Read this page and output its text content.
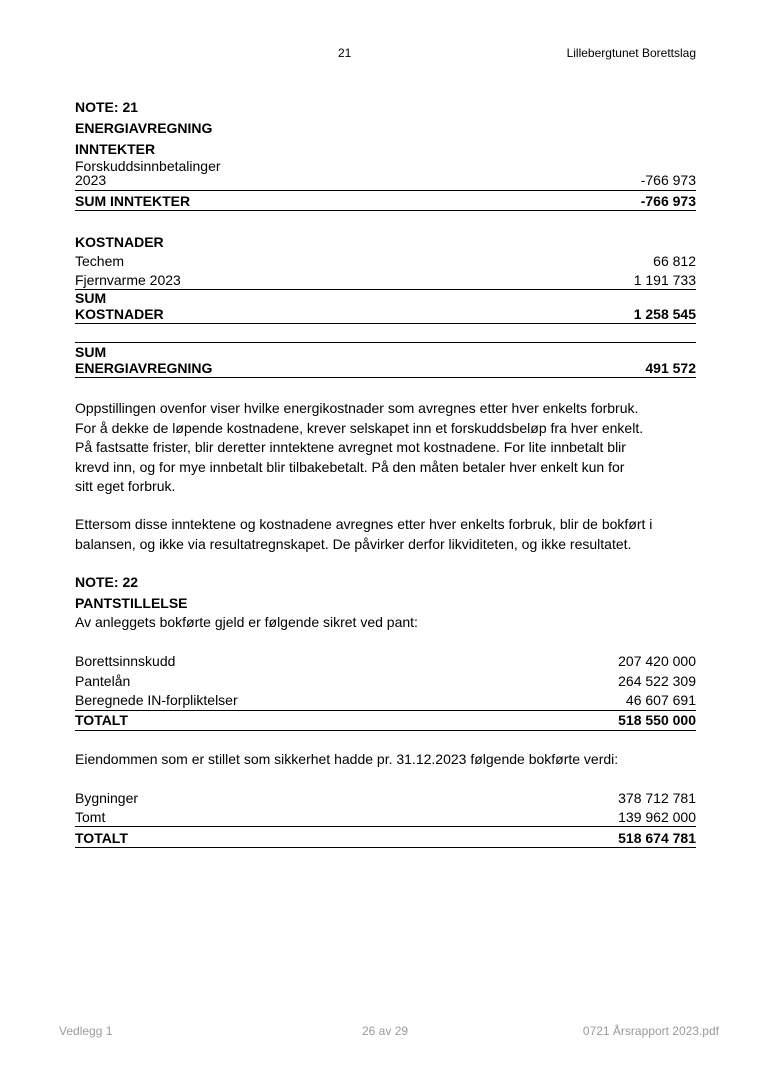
21	Lillebergtunet Borettslag
NOTE: 21
ENERGIAVREGNING
INNTEKTER
Forskuddsinnbetalinger
2023	-766 973
SUM INNTEKTER	-766 973
KOSTNADER
Techem	66 812
Fjernvarme 2023	1 191 733
SUM
KOSTNADER	1 258 545
SUM
ENERGIAVREGNING	491 572

Oppstillingen ovenfor viser hvilke energikostnader som avregnes etter hver enkelts forbruk.

For å dekke de løpende kostnadene, krever selskapet inn et forskuddsbeløp fra hver enkelt.

På fastsatte frister, blir deretter inntektene avregnet mot kostnadene. For lite innbetalt blir

krevd inn, og for mye innbetalt blir tilbakebetalt. På den måten betaler hver enkelt kun for

sitt eget forbruk.

Ettersom disse inntektene og kostnadene avregnes etter hver enkelts forbruk, blir de bokført i

balansen, og ikke via resultatregnskapet. De påvirker derfor likviditeten, og ikke resultatet.

NOTE: 22
PANTSTILLELSE
Av anleggets bokførte gjeld er følgende sikret ved pant:
Borettsinnskudd	207 420 000
Pantelån	264 522 309
Beregnede IN-forpliktelser	46 607 691
TOTALT	518 550 000
Eiendommen som er stillet som sikkerhet hadde pr. 31.12.2023 følgende bokførte verdi:
Bygninger	378 712 781
Tomt	139 962 000
TOTALT	518 674 781
Vedlegg 1	26 av 29	0721 Årsrapport 2023.pdf
